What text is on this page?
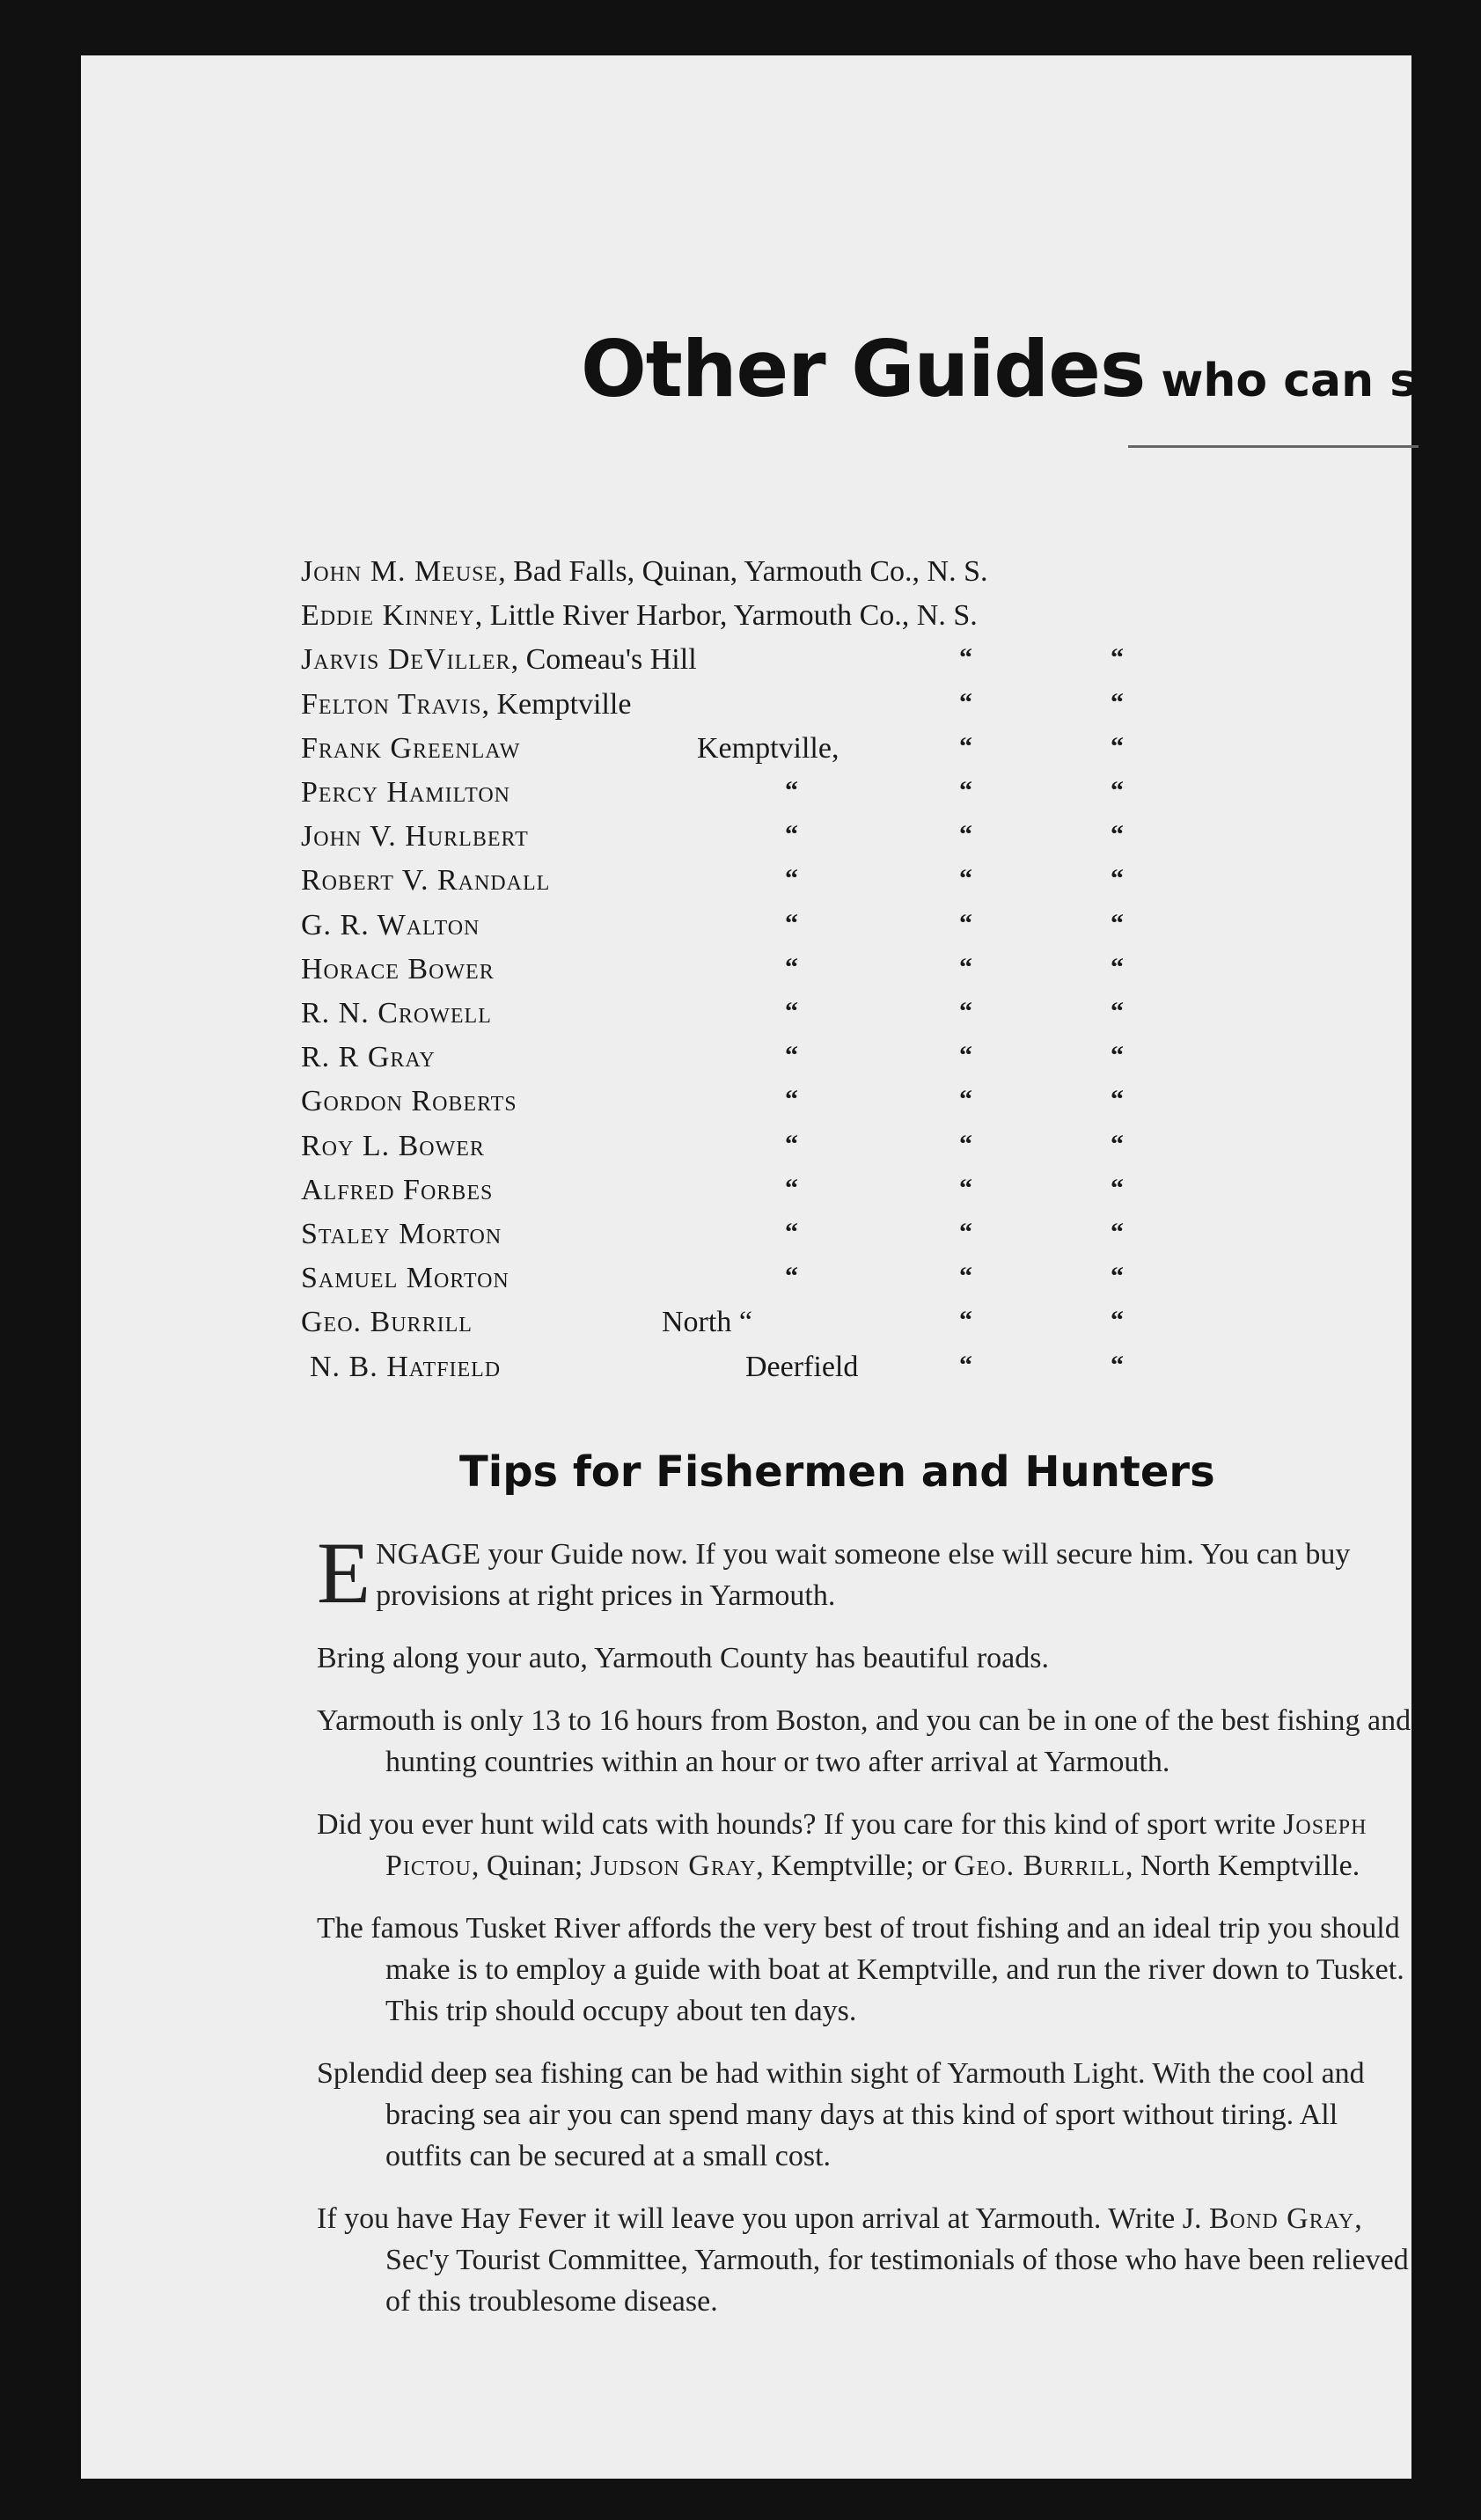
Other Guides who can sho
John M. Meuse, Bad Falls, Quinan, Yarmouth Co., N. S.
Eddie Kinney, Little River Harbor, Yarmouth Co., N. S.
Jarvis DeViller, Comeau's Hill	“	“
Felton Travis, Kemptville	“	“
Frank Greenlaw	Kemptville,	“	“
Percy Hamilton	“	“	“
John V. Hurlbert	“	“	“
Robert V. Randall	“	“	“
G. R. Walton	“	“	“
Horace Bower	“	“	“
R. N. Crowell	“	“	“
R. R Gray	“	“	“
Gordon Roberts	“	“	“
Roy L. Bower	“	“	“
Alfred Forbes	“	“	“
Staley Morton	“	“	“
Samuel Morton	“	“	“
Geo. Burrill	North “	“	“
N. B. Hatfield	Deerfield	“	“
Tips for Fishermen and Hunters

ENGAGE your Guide now. If you wait someone else will secure him. You can buy provisions at right prices in Yarmouth.

Bring along your auto, Yarmouth County has beautiful roads.

Yarmouth is only 13 to 16 hours from Boston, and you can be in one of the best fishing and hunting countries within an hour or two after arrival at Yarmouth.

Did you ever hunt wild cats with hounds? If you care for this kind of sport write Joseph Pictou, Quinan; Judson Gray, Kemptville; or Geo. Burrill, North Kemptville.

The famous Tusket River affords the very best of trout fishing and an ideal trip you should make is to employ a guide with boat at Kemptville, and run the river down to Tusket. This trip should occupy about ten days.

Splendid deep sea fishing can be had within sight of Yarmouth Light. With the cool and bracing sea air you can spend many days at this kind of sport without tiring. All outfits can be secured at a small cost.

If you have Hay Fever it will leave you upon arrival at Yarmouth. Write J. Bond Gray, Sec'y Tourist Committee, Yarmouth, for testimonials of those who have been relieved of this troublesome disease.
